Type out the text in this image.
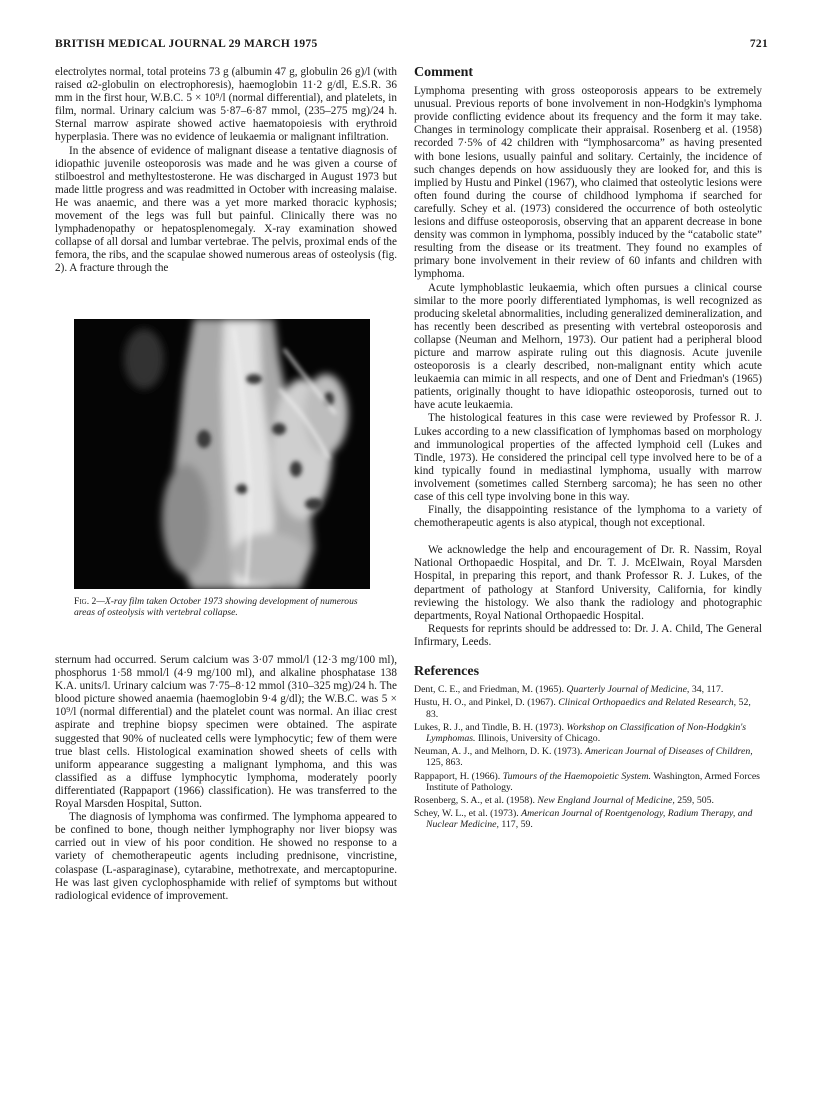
BRITISH MEDICAL JOURNAL 29 MARCH 1975	721

electrolytes normal, total proteins 73 g (albumin 47 g, globulin 26 g)/l (with raised α2-globulin on electrophoresis), haemoglobin 11·2 g/dl, E.S.R. 36 mm in the first hour, W.B.C. 5 × 10⁹/l (normal differential), and platelets, in film, normal. Urinary calcium was 5·87–6·87 mmol, (235–275 mg)/24 h. Sternal marrow aspirate showed active haematopoiesis with erythroid hyperplasia. There was no evidence of leukaemia or malignant infiltration.

In the absence of evidence of malignant disease a tentative diagnosis of idiopathic juvenile osteoporosis was made and he was given a course of stilboestrol and methyltestosterone. He was discharged in August 1973 but made little progress and was readmitted in October with increasing malaise. He was anaemic, and there was a yet more marked thoracic kyphosis; movement of the legs was full but painful. Clinically there was no lymphadenopathy or hepatosplenomegaly. X-ray examination showed collapse of all dorsal and lumbar vertebrae. The pelvis, proximal ends of the femora, the ribs, and the scapulae showed numerous areas of osteolysis (fig. 2). A fracture through the

Fig. 2—X-ray film taken October 1973 showing development of numerous areas of osteolysis with vertebral collapse.

sternum had occurred. Serum calcium was 3·07 mmol/l (12·3 mg/100 ml), phosphorus 1·58 mmol/l (4·9 mg/100 ml), and alkaline phosphatase 138 K.A. units/l. Urinary calcium was 7·75–8·12 mmol (310–325 mg)/24 h. The blood picture showed anaemia (haemoglobin 9·4 g/dl); the W.B.C. was 5 × 10⁹/l (normal differential) and the platelet count was normal. An iliac crest aspirate and trephine biopsy specimen were obtained. The aspirate suggested that 90% of nucleated cells were lymphocytic; few of them were true blast cells. Histological examination showed sheets of cells with uniform appearance suggesting a malignant lymphoma, and this was classified as a diffuse lymphocytic lymphoma, moderately poorly differentiated (Rappaport (1966) classification). He was transferred to the Royal Marsden Hospital, Sutton.

The diagnosis of lymphoma was confirmed. The lymphoma appeared to be confined to bone, though neither lymphography nor liver biopsy was carried out in view of his poor condition. He showed no response to a variety of chemotherapeutic agents including prednisone, vincristine, colaspase (L-asparaginase), cytarabine, methotrexate, and mercaptopurine. He was last given cyclophosphamide with relief of symptoms but without radiological evidence of improvement.

Comment

Lymphoma presenting with gross osteoporosis appears to be extremely unusual. Previous reports of bone involvement in non-Hodgkin's lymphoma provide conflicting evidence about its frequency and the form it may take. Changes in terminology complicate their appraisal. Rosenberg et al. (1958) recorded 7·5% of 42 children with “lymphosarcoma” as having presented with bone lesions, usually painful and solitary. Certainly, the incidence of such changes depends on how assiduously they are looked for, and this is implied by Hustu and Pinkel (1967), who claimed that osteolytic lesions were often found during the course of childhood lymphoma if searched for carefully. Schey et al. (1973) considered the occurrence of both osteolytic lesions and diffuse osteoporosis, observing that an apparent decrease in bone density was common in lymphoma, possibly induced by the “catabolic state” resulting from the disease or its treatment. They found no examples of primary bone involvement in their review of 60 infants and children with lymphoma.

Acute lymphoblastic leukaemia, which often pursues a clinical course similar to the more poorly differentiated lymphomas, is well recognized as producing skeletal abnormalities, including generalized demineralization, and has recently been described as presenting with vertebral osteoporosis and collapse (Neuman and Melhorn, 1973). Our patient had a peripheral blood picture and marrow aspirate ruling out this diagnosis. Acute juvenile osteoporosis is a clearly described, non-malignant entity which acute leukaemia can mimic in all respects, and one of Dent and Friedman's (1965) patients, originally thought to have idiopathic osteoporosis, turned out to have acute leukaemia.

The histological features in this case were reviewed by Professor R. J. Lukes according to a new classification of lymphomas based on morphology and immunological properties of the affected lymphoid cell (Lukes and Tindle, 1973). He considered the principal cell type involved here to be of a kind typically found in mediastinal lymphoma, usually with marrow involvement (sometimes called Sternberg sarcoma); he has seen no other case of this cell type involving bone in this way.

Finally, the disappointing resistance of the lymphoma to a variety of chemotherapeutic agents is also atypical, though not exceptional.

We acknowledge the help and encouragement of Dr. R. Nassim, Royal National Orthopaedic Hospital, and Dr. T. J. McElwain, Royal Marsden Hospital, in preparing this report, and thank Professor R. J. Lukes, of the department of pathology at Stanford University, California, for kindly reviewing the histology. We also thank the radiology and photographic departments, Royal National Orthopaedic Hospital.

Requests for reprints should be addressed to: Dr. J. A. Child, The General Infirmary, Leeds.

References
Dent, C. E., and Friedman, M. (1965). Quarterly Journal of Medicine, 34, 117.
Hustu, H. O., and Pinkel, D. (1967). Clinical Orthopaedics and Related Research, 52, 83.
Lukes, R. J., and Tindle, B. H. (1973). Workshop on Classification of Non-Hodgkin's Lymphomas. Illinois, University of Chicago.
Neuman, A. J., and Melhorn, D. K. (1973). American Journal of Diseases of Children, 125, 863.
Rappaport, H. (1966). Tumours of the Haemopoietic System. Washington, Armed Forces Institute of Pathology.
Rosenberg, S. A., et al. (1958). New England Journal of Medicine, 259, 505.
Schey, W. L., et al. (1973). American Journal of Roentgenology, Radium Therapy, and Nuclear Medicine, 117, 59.
